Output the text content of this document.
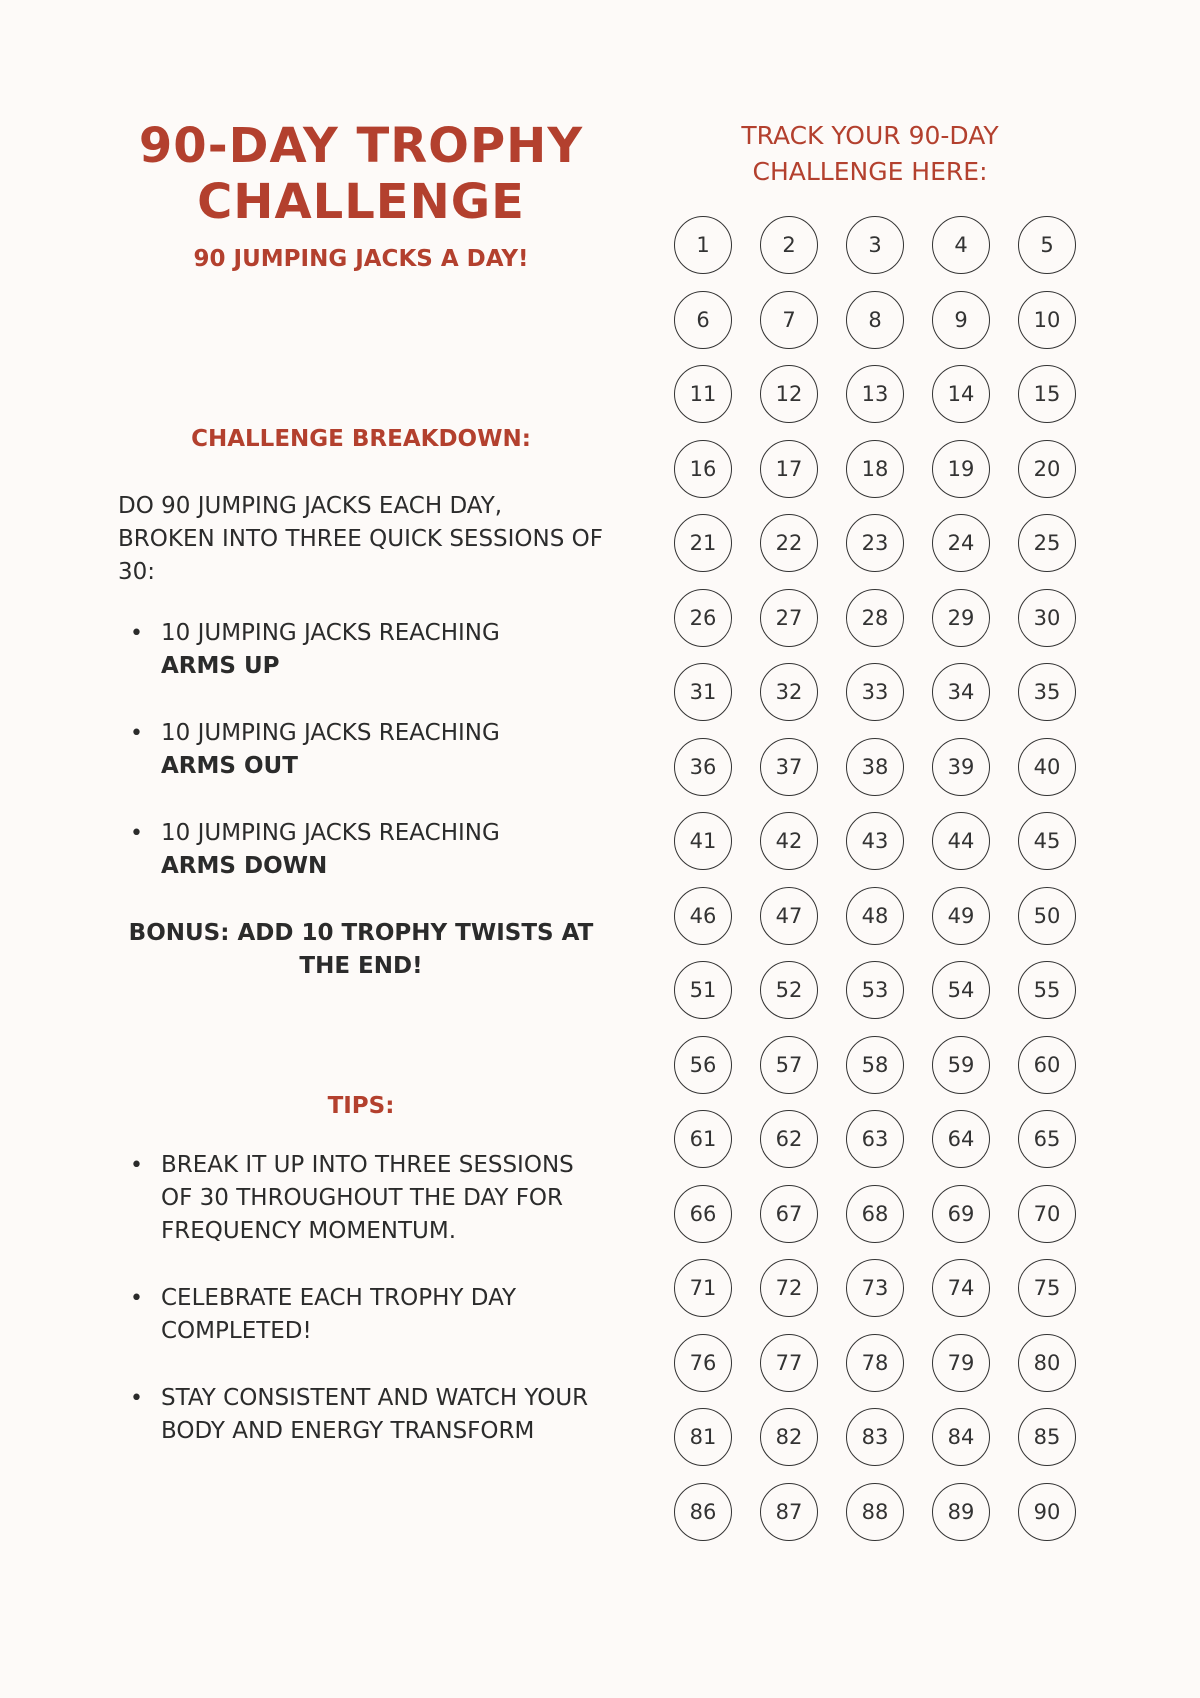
90-DAY TROPHY
CHALLENGE

90 JUMPING JACKS A DAY!

CHALLENGE BREAKDOWN:

DO 90 JUMPING JACKS EACH DAY, BROKEN INTO THREE QUICK SESSIONS OF 30:

• 10 JUMPING JACKS REACHING
ARMS UP
• 10 JUMPING JACKS REACHING
ARMS OUT
• 10 JUMPING JACKS REACHING
ARMS DOWN

BONUS: ADD 10 TROPHY TWISTS AT THE END!

TIPS:
• BREAK IT UP INTO THREE SESSIONS OF 30 THROUGHOUT THE DAY FOR FREQUENCY MOMENTUM.
• CELEBRATE EACH TROPHY DAY COMPLETED!
• STAY CONSISTENT AND WATCH YOUR BODY AND ENERGY TRANSFORM

TRACK YOUR 90-DAY
CHALLENGE HERE:

1	2	3	4	5
6	7	8	9	10
11	12	13	14	15
16	17	18	19	20
21	22	23	24	25
26	27	28	29	30
31	32	33	34	35
36	37	38	39	40
41	42	43	44	45
46	47	48	49	50
51	52	53	54	55
56	57	58	59	60
61	62	63	64	65
66	67	68	69	70
71	72	73	74	75
76	77	78	79	80
81	82	83	84	85
86	87	88	89	90
